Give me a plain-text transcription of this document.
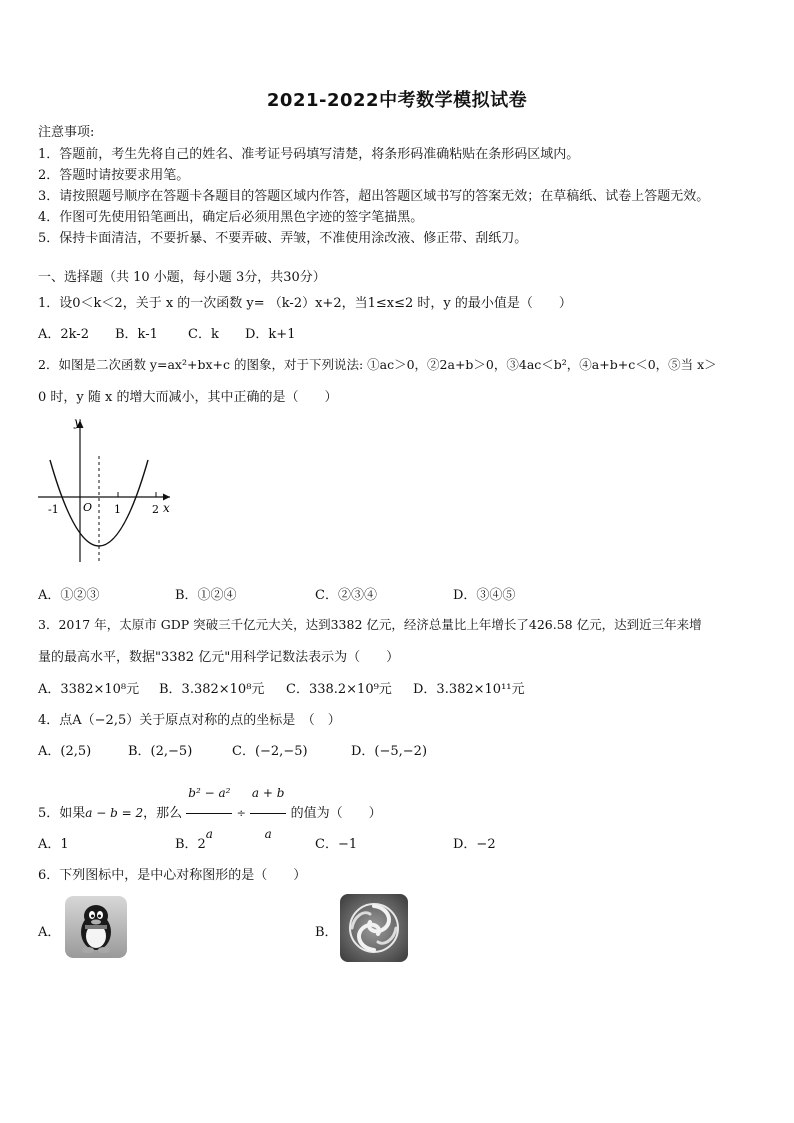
2021-2022中考数学模拟试卷
注意事项:
1．答题前，考生先将自己的姓名、准考证号码填写清楚，将条形码准确粘贴在条形码区域内。
2．答题时请按要求用笔。
3．请按照题号顺序在答题卡各题目的答题区域内作答，超出答题区域书写的答案无效；在草稿纸、试卷上答题无效。
4．作图可先使用铅笔画出，确定后必须用黑色字迹的签字笔描黑。
5．保持卡面清洁，不要折暴、不要弄破、弄皱，不准使用涂改液、修正带、刮纸刀。
一、选择题（共 10 小题，每小题 3分，共30分）
1．设0＜k＜2，关于 x 的一次函数 y= （k-2）x+2，当1≤x≤2 时，y 的最小值是（　　）
A．2k-2 B．k-1 C．k D．k+1
2．如图是二次函数 y=ax²+bx+c 的图象，对于下列说法: ①ac＞0，②2a+b＞0，③4ac＜b²，④a+b+c＜0，⑤当 x＞
0 时，y 随 x 的增大而减小，其中正确的是（　　）
y
x
O
-1	1	2
A．①②③	B．①②④	C．②③④	D．③④⑤
3．2017 年，太原市 GDP 突破三千亿元大关，达到3382 亿元，经济总量比上年增长了426.58 亿元，达到近三年来增
量的最高水平，数据"3382 亿元"用科学记数法表示为（　　）
A．3382×10⁸元 B．3.382×10⁸元 C．338.2×10⁹元 D．3.382×10¹¹元
4．点A（−2,5）关于原点对称的点的坐标是　（　）
A．(2,5)	B．(2,−5)	C．(−2,−5)	D．(−5,−2)
5．如果a − b = 2，那么 $\frac{\text{b² − a²}}{a} \div \frac{a + b}{a}$ 的值为（　　）
A．1	B．2	C．−1	D．−2
6．下列图标中，是中心对称图形的是（　　）
A．	B．
